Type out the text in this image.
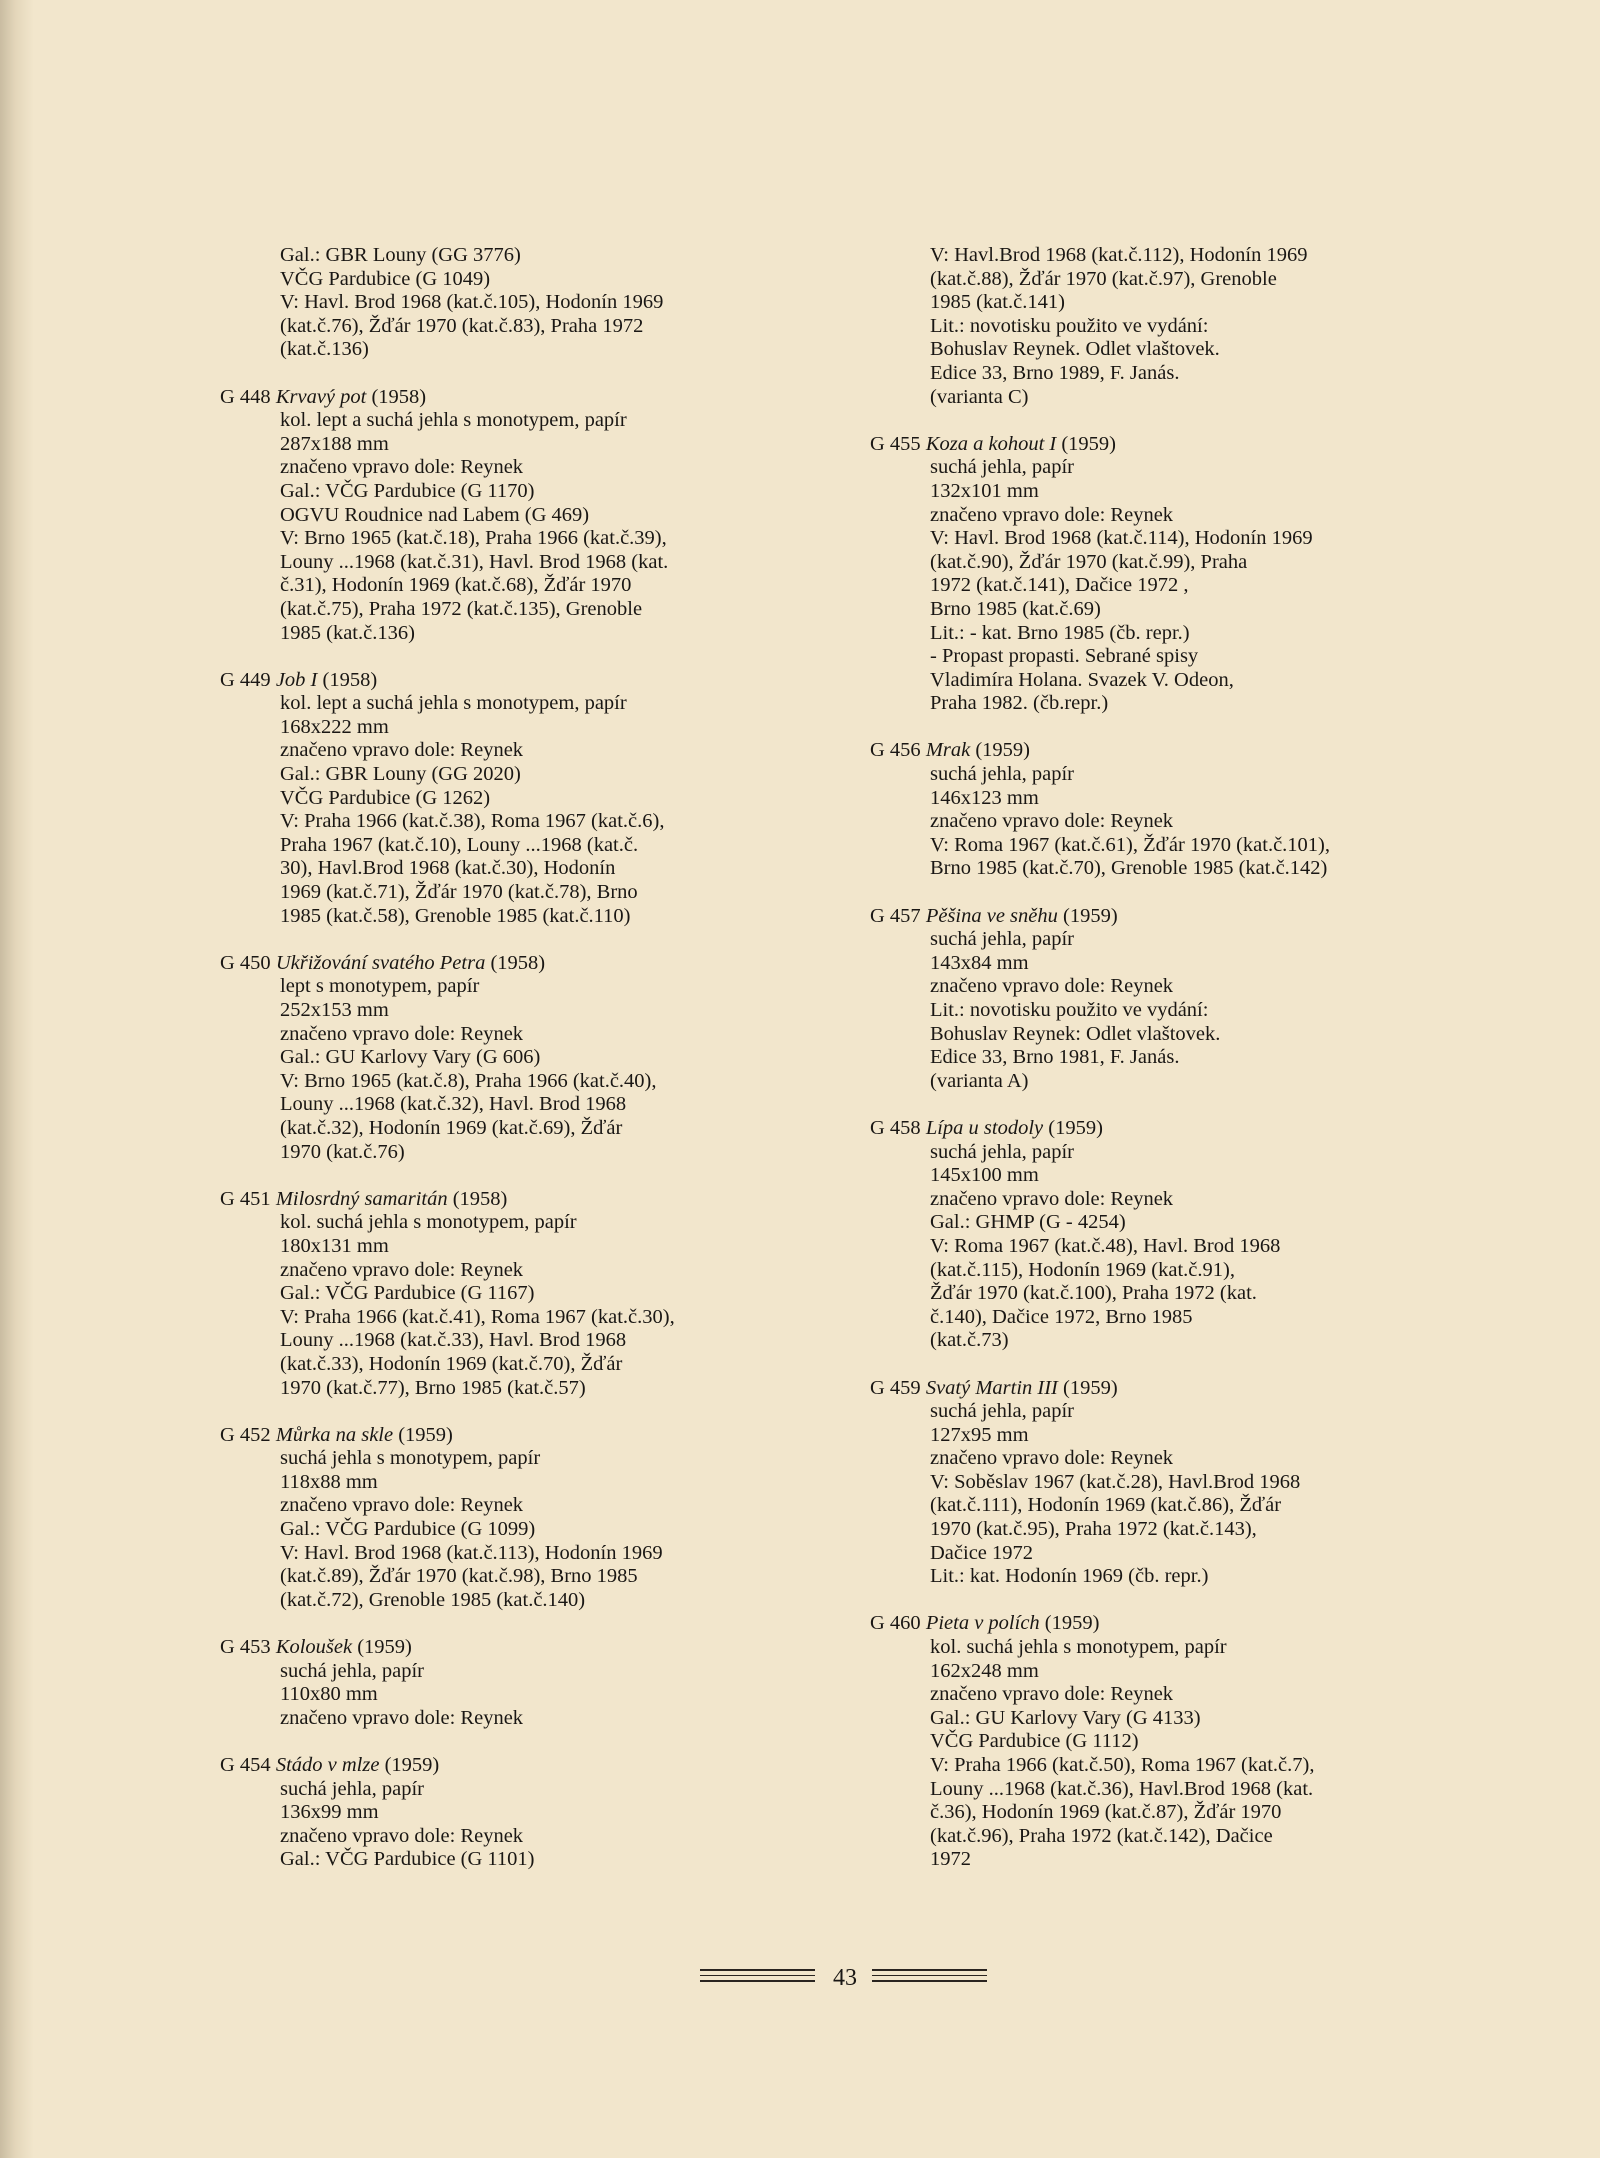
Gal.: GBR Louny (GG 3776)
VČG Pardubice (G 1049)
V: Havl. Brod 1968 (kat.č.105), Hodonín 1969
(kat.č.76), Žďár 1970 (kat.č.83), Praha 1972
(kat.č.136)
G 448 Krvavý pot (1958)
kol. lept a suchá jehla s monotypem, papír
287x188 mm
značeno vpravo dole: Reynek
Gal.: VČG Pardubice (G 1170)
OGVU Roudnice nad Labem (G 469)
V: Brno 1965 (kat.č.18), Praha 1966 (kat.č.39),
Louny ...1968 (kat.č.31), Havl. Brod 1968 (kat.
č.31), Hodonín 1969 (kat.č.68), Žďár 1970
(kat.č.75), Praha 1972 (kat.č.135), Grenoble
1985 (kat.č.136)
G 449 Job I (1958)
kol. lept a suchá jehla s monotypem, papír
168x222 mm
značeno vpravo dole: Reynek
Gal.: GBR Louny (GG 2020)
VČG Pardubice (G 1262)
V: Praha 1966 (kat.č.38), Roma 1967 (kat.č.6),
Praha 1967 (kat.č.10), Louny ...1968 (kat.č.
30), Havl.Brod 1968 (kat.č.30), Hodonín
1969 (kat.č.71), Žďár 1970 (kat.č.78), Brno
1985 (kat.č.58), Grenoble 1985 (kat.č.110)
G 450 Ukřižování svatého Petra (1958)
lept s monotypem, papír
252x153 mm
značeno vpravo dole: Reynek
Gal.: GU Karlovy Vary (G 606)
V: Brno 1965 (kat.č.8), Praha 1966 (kat.č.40),
Louny ...1968 (kat.č.32), Havl. Brod 1968
(kat.č.32), Hodonín 1969 (kat.č.69), Žďár
1970 (kat.č.76)
G 451 Milosrdný samaritán (1958)
kol. suchá jehla s monotypem, papír
180x131 mm
značeno vpravo dole: Reynek
Gal.: VČG Pardubice (G 1167)
V: Praha 1966 (kat.č.41), Roma 1967 (kat.č.30),
Louny ...1968 (kat.č.33), Havl. Brod 1968
(kat.č.33), Hodonín 1969 (kat.č.70), Žďár
1970 (kat.č.77), Brno 1985 (kat.č.57)
G 452 Můrka na skle (1959)
suchá jehla s monotypem, papír
118x88 mm
značeno vpravo dole: Reynek
Gal.: VČG Pardubice (G 1099)
V: Havl. Brod 1968 (kat.č.113), Hodonín 1969
(kat.č.89), Žďár 1970 (kat.č.98), Brno 1985
(kat.č.72), Grenoble 1985 (kat.č.140)
G 453 Koloušek (1959)
suchá jehla, papír
110x80 mm
značeno vpravo dole: Reynek
G 454 Stádo v mlze (1959)
suchá jehla, papír
136x99 mm
značeno vpravo dole: Reynek
Gal.: VČG Pardubice (G 1101)
V: Havl.Brod 1968 (kat.č.112), Hodonín 1969
(kat.č.88), Žďár 1970 (kat.č.97), Grenoble
1985 (kat.č.141)
Lit.: novotisku použito ve vydání:
Bohuslav Reynek. Odlet vlaštovek.
Edice 33, Brno 1989, F. Janás.
(varianta C)
G 455 Koza a kohout I (1959)
suchá jehla, papír
132x101 mm
značeno vpravo dole: Reynek
V: Havl. Brod 1968 (kat.č.114), Hodonín 1969
(kat.č.90), Žďár 1970 (kat.č.99), Praha
1972 (kat.č.141), Dačice 1972 ,
Brno 1985 (kat.č.69)
Lit.: - kat. Brno 1985 (čb. repr.)
- Propast propasti. Sebrané spisy
Vladimíra Holana. Svazek V. Odeon,
Praha 1982. (čb.repr.)
G 456 Mrak (1959)
suchá jehla, papír
146x123 mm
značeno vpravo dole: Reynek
V: Roma 1967 (kat.č.61), Žďár 1970 (kat.č.101),
Brno 1985 (kat.č.70), Grenoble 1985 (kat.č.142)
G 457 Pěšina ve sněhu (1959)
suchá jehla, papír
143x84 mm
značeno vpravo dole: Reynek
Lit.: novotisku použito ve vydání:
Bohuslav Reynek: Odlet vlaštovek.
Edice 33, Brno 1981, F. Janás.
(varianta A)
G 458 Lípa u stodoly (1959)
suchá jehla, papír
145x100 mm
značeno vpravo dole: Reynek
Gal.: GHMP (G - 4254)
V: Roma 1967 (kat.č.48), Havl. Brod 1968
(kat.č.115), Hodonín 1969 (kat.č.91),
Žďár 1970 (kat.č.100), Praha 1972 (kat.
č.140), Dačice 1972, Brno 1985
(kat.č.73)
G 459 Svatý Martin III (1959)
suchá jehla, papír
127x95 mm
značeno vpravo dole: Reynek
V: Soběslav 1967 (kat.č.28), Havl.Brod 1968
(kat.č.111), Hodonín 1969 (kat.č.86), Žďár
1970 (kat.č.95), Praha 1972 (kat.č.143),
Dačice 1972
Lit.: kat. Hodonín 1969 (čb. repr.)
G 460 Pieta v polích (1959)
kol. suchá jehla s monotypem, papír
162x248 mm
značeno vpravo dole: Reynek
Gal.: GU Karlovy Vary (G 4133)
VČG Pardubice (G 1112)
V: Praha 1966 (kat.č.50), Roma 1967 (kat.č.7),
Louny ...1968 (kat.č.36), Havl.Brod 1968 (kat.
č.36), Hodonín 1969 (kat.č.87), Žďár 1970
(kat.č.96), Praha 1972 (kat.č.142), Dačice
1972
43
